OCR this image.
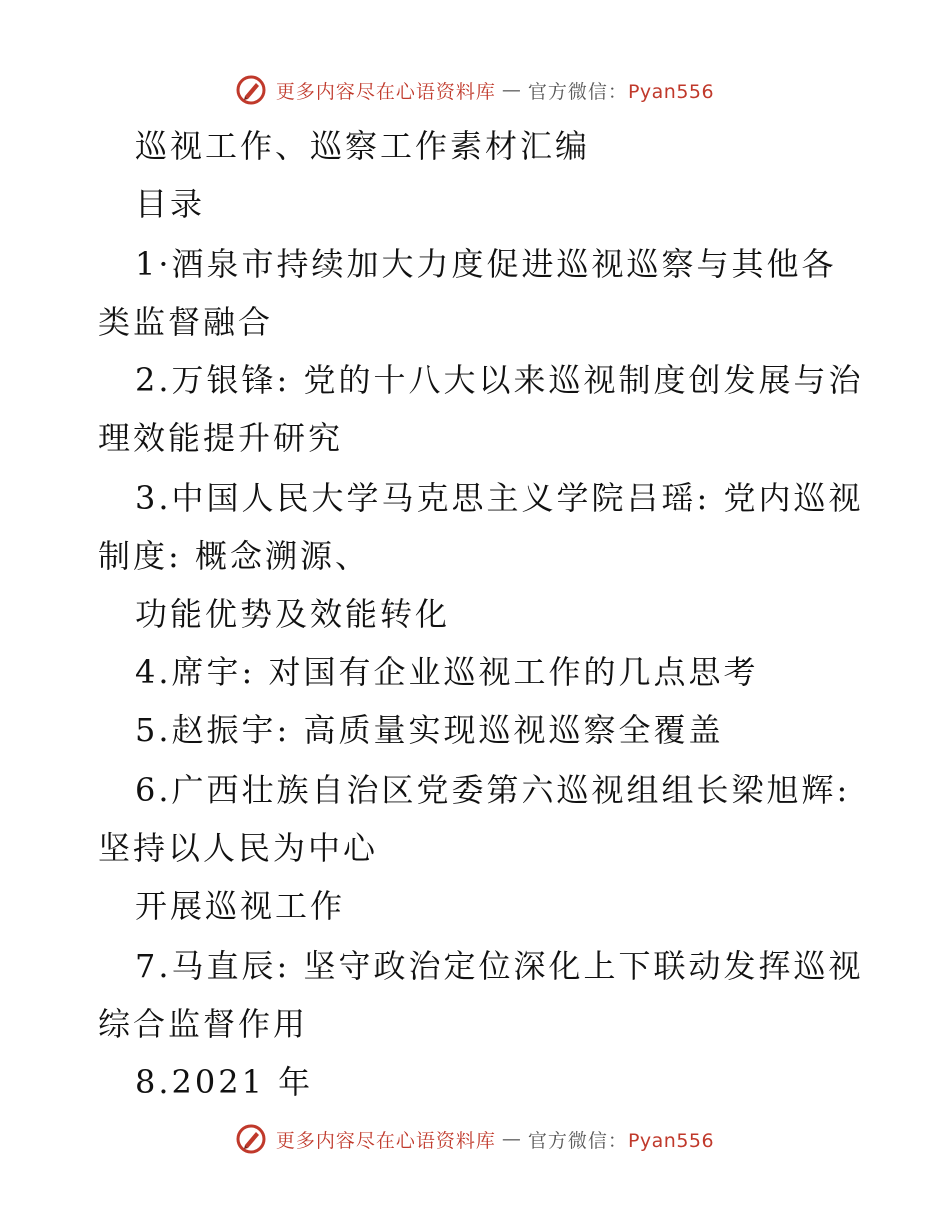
更多内容尽在心语资料库 — 官方微信：Pyan556
巡视工作、巡察工作素材汇编
目录
1·酒泉市持续加大力度促进巡视巡察与其他各
类监督融合
2.万银锋: 党的十八大以来巡视制度创发展与治
理效能提升研究
3.中国人民大学马克思主义学院吕瑶: 党内巡视
制度: 概念溯源、
功能优势及效能转化
4.席宇: 对国有企业巡视工作的几点思考
5.赵振宇: 高质量实现巡视巡察全覆盖
6.广西壮族自治区党委第六巡视组组长梁旭辉:
坚持以人民为中心
开展巡视工作
7.马直辰: 坚守政治定位深化上下联动发挥巡视
综合监督作用
8.2021 年
更多内容尽在心语资料库 — 官方微信：Pyan556
